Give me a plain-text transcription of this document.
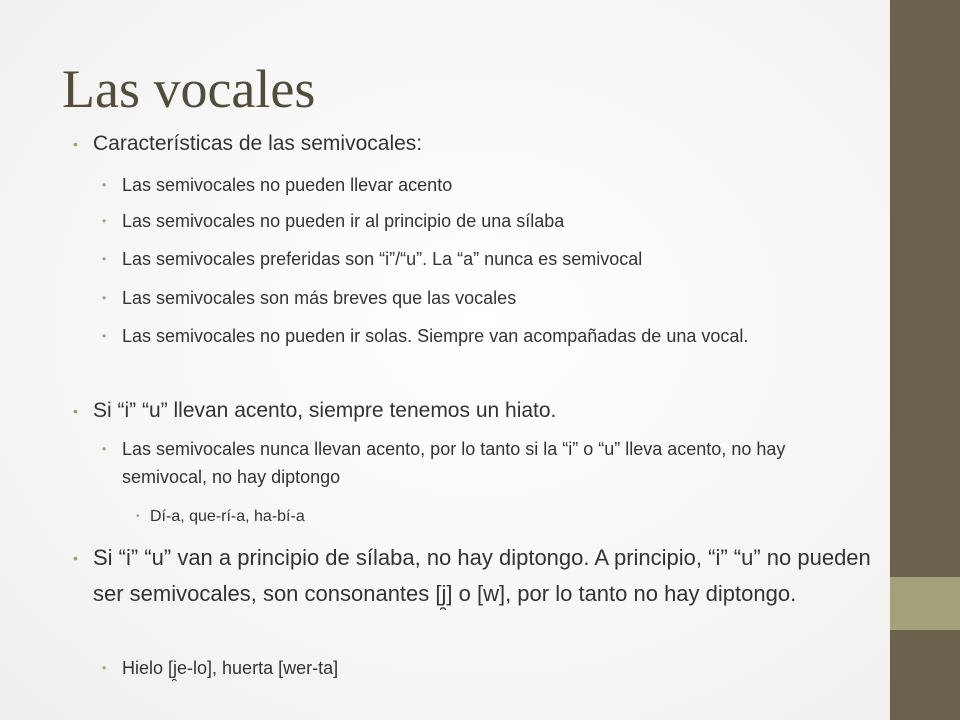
Las vocales
• Características de las semivocales:
• Las semivocales no pueden llevar acento
• Las semivocales no pueden ir al principio de una sílaba
• Las semivocales preferidas son “i”/“u”. La “a” nunca es semivocal
• Las semivocales son más breves que las vocales
• Las semivocales no pueden ir solas. Siempre van acompañadas de una vocal.
• Si “i” “u” llevan acento, siempre tenemos un hiato.
• Las semivocales nunca llevan acento, por lo tanto si la “i” o “u” lleva acento, no hay semivocal, no hay diptongo
• Dí-a, que-rí-a, ha-bí-a
• Si “i” “u” van a principio de sílaba, no hay diptongo. A principio, “i” “u” no pueden ser semivocales, son consonantes [j̯] o [w], por lo tanto no hay diptongo.
• Hielo [j̯e-lo], huerta [wer-ta]
